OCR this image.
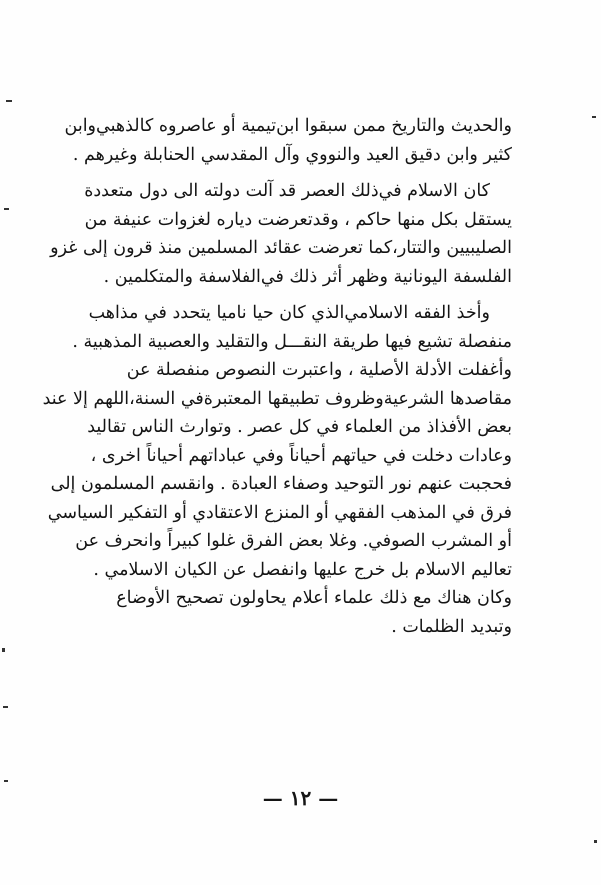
والحديث والتاريخ ممن سبقوا ابن‌تيمية أو عاصروه كالذهبي‌وابن
كثير وابن دقيق العيد والنووي وآل المقدسي الحنابلة وغيرهم .
كان الاسلام في‌ذلك العصر قد آلت دولته الى دول متعددة
يستقل بكل منها حاكم ، وقدتعرضت دياره لغزوات عنيفة من
الصليبيين والتتار،كما تعرضت عقائد المسلمين منذ قرون إلى غزو
الفلسفة اليونانية وظهر أثر ذلك في‌الفلاسفة والمتكلمين .
وأخذ الفقه الاسلامي‌الذي كان حيا ناميا يتحدد في مذاهب
منفصلة تشيع فيها طريقة النقـــل والتقليد والعصبية المذهبية .
وأغفلت الأدلة الأصلية ، واعتبرت النصوص منفصلة عن
مقاصدها الشرعية‌وظروف تطبيقها المعتبرة‌في السنة،اللهم إلا عند
بعض الأفذاذ من العلماء في كل عصر . وتوارث الناس تقاليد
وعادات دخلت في حياتهم أحياناً وفي عباداتهم أحياناً اخرى ،
فحجبت عنهم نور التوحيد وصفاء العبادة . وانقسم المسلمون إلى
فرق في المذهب الفقهي أو المنزع الاعتقادي أو التفكير السياسي
أو المشرب الصوفي. وغلا بعض الفرق غلوا كبيراً وانحرف عن
تعاليم الاسلام بل خرج عليها وانفصل عن الكيان الاسلامي .
وكان هناك مع ذلك علماء أعلام يحاولون تصحيح الأوضاع
وتبديد الظلمات .
— ١٢ —
